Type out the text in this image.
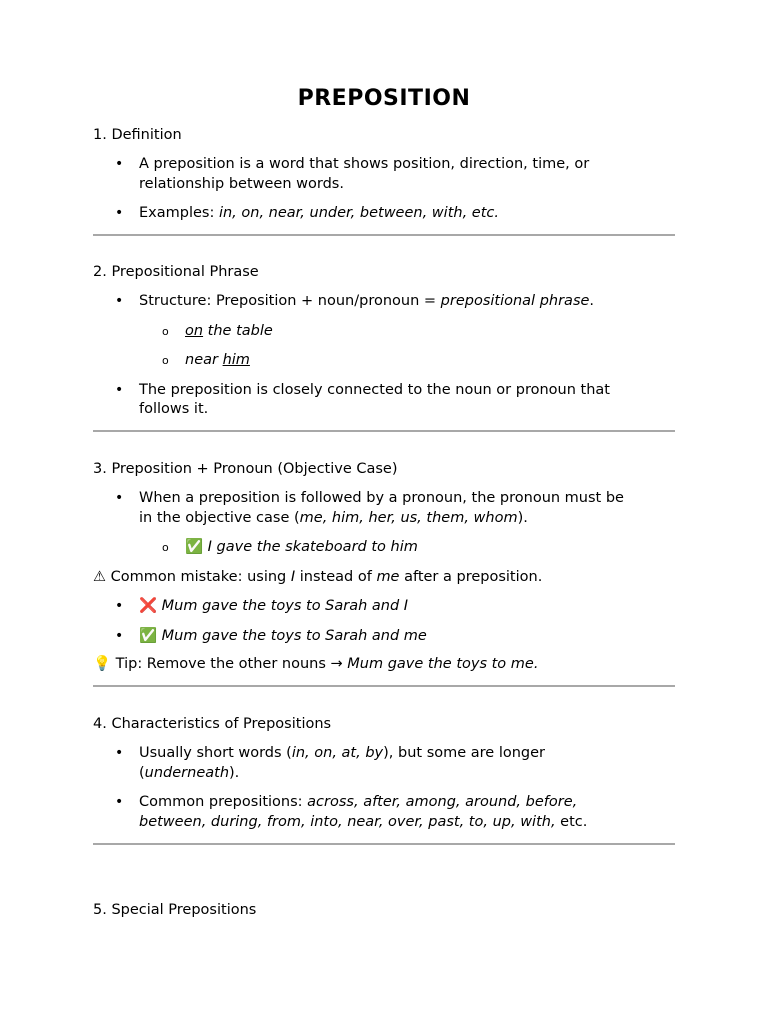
PREPOSITION
1. Definition
• A preposition is a word that shows position, direction, time, or
relationship between words.
• Examples: in, on, near, under, between, with, etc.
2. Prepositional Phrase
• Structure: Preposition + noun/pronoun = prepositional phrase.
o on the table
o near him
• The preposition is closely connected to the noun or pronoun that
follows it.
3. Preposition + Pronoun (Objective Case)
• When a preposition is followed by a pronoun, the pronoun must be
in the objective case (me, him, her, us, them, whom).
o ✅ I gave the skateboard to him
⚠ Common mistake: using I instead of me after a preposition.
• ❌ Mum gave the toys to Sarah and I
• ✅ Mum gave the toys to Sarah and me
💡 Tip: Remove the other nouns → Mum gave the toys to me.
4. Characteristics of Prepositions
• Usually short words (in, on, at, by), but some are longer
(underneath).
• Common prepositions: across, after, among, around, before,
between, during, from, into, near, over, past, to, up, with, etc.
5. Special Prepositions
